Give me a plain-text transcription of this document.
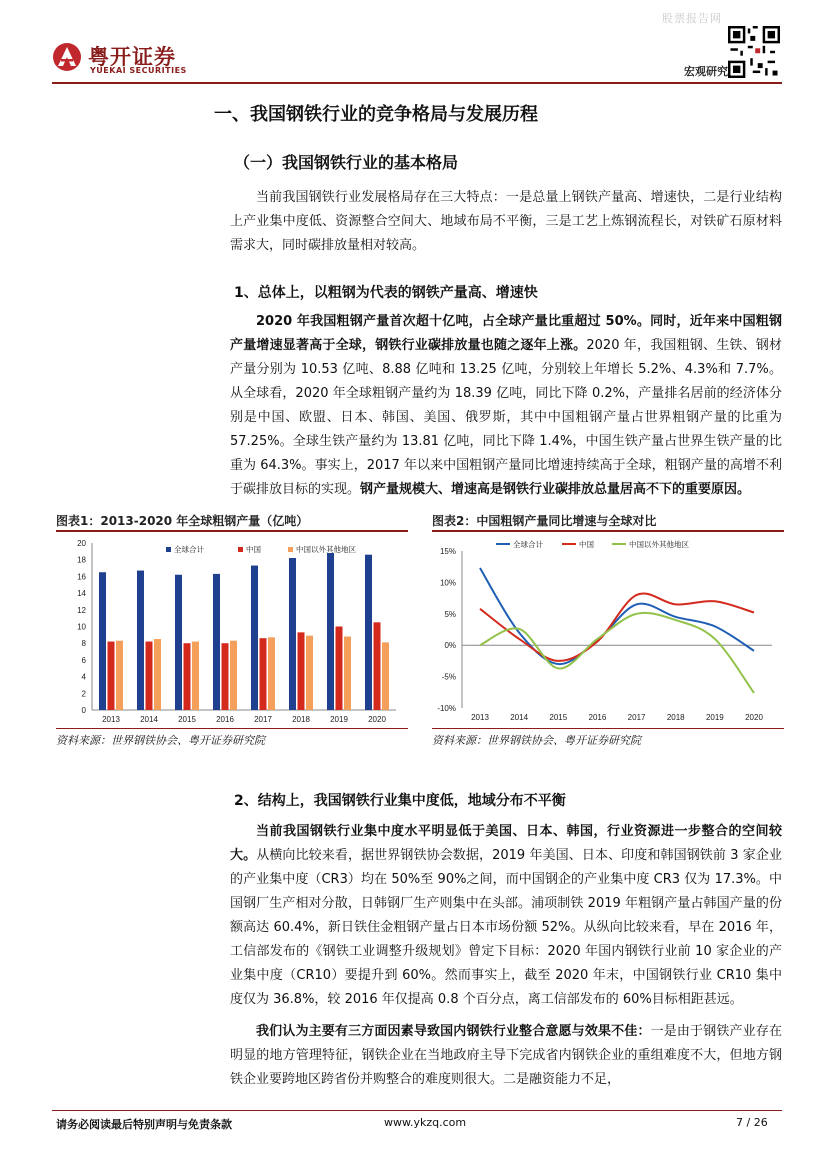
股票报告网
粤开证券
YUEKAI SECURITIES	宏观研究
一、我国钢铁行业的竞争格局与发展历程
（一）我国钢铁行业的基本格局
当前我国钢铁行业发展格局存在三大特点：一是总量上钢铁产量高、增速快，二是行业结构上产业集中度低、资源整合空间大、地域布局不平衡，三是工艺上炼钢流程长，对铁矿石原材料需求大，同时碳排放量相对较高。
1、总体上，以粗钢为代表的钢铁产量高、增速快
2020 年我国粗钢产量首次超十亿吨，占全球产量比重超过 50%。同时，近年来中国粗钢产量增速显著高于全球，钢铁行业碳排放量也随之逐年上涨。2020 年，我国粗钢、生铁、钢材产量分别为 10.53 亿吨、8.88 亿吨和 13.25 亿吨，分别较上年增长 5.2%、4.3%和 7.7%。从全球看，2020 年全球粗钢产量约为 18.39 亿吨，同比下降 0.2%，产量排名居前的经济体分别是中国、欧盟、日本、韩国、美国、俄罗斯，其中中国粗钢产量占世界粗钢产量的比重为 57.25%。全球生铁产量约为 13.81 亿吨，同比下降 1.4%，中国生铁产量占世界生铁产量的比重为 64.3%。事实上，2017 年以来中国粗钢产量同比增速持续高于全球，粗钢产量的高增不利于碳排放目标的实现。钢产量规模大、增速高是钢铁行业碳排放总量居高不下的重要原因。
图表1：2013-2020 年全球粗钢产量（亿吨）
0
2
4
6
8
10
12
14
16
18
20
2013	2014	2015	2016	2017	2018	2019	2020
全球合计	中国	中国以外其他地区
资料来源：世界钢铁协会、粤开证券研究院
图表2：中国粗钢产量同比增速与全球对比
15%
10%
5%
0%
-5%
-10%
2013	2014	2015	2016	2017	2018	2019	2020
全球合计	中国	中国以外其他地区
资料来源：世界钢铁协会、粤开证券研究院
2、结构上，我国钢铁行业集中度低，地域分布不平衡
当前我国钢铁行业集中度水平明显低于美国、日本、韩国，行业资源进一步整合的空间较大。从横向比较来看，据世界钢铁协会数据，2019 年美国、日本、印度和韩国钢铁前 3 家企业的产业集中度（CR3）均在 50%至 90%之间，而中国钢企的产业集中度 CR3 仅为 17.3%。中国钢厂生产相对分散，日韩钢厂生产则集中在头部。浦项制铁 2019 年粗钢产量占韩国产量的份额高达 60.4%，新日铁住金粗钢产量占日本市场份额 52%。从纵向比较来看，早在 2016 年，工信部发布的《钢铁工业调整升级规划》曾定下目标：2020 年国内钢铁行业前 10 家企业的产业集中度（CR10）要提升到 60%。然而事实上，截至 2020 年末，中国钢铁行业 CR10 集中度仅为 36.8%，较 2016 年仅提高 0.8 个百分点，离工信部发布的 60%目标相距甚远。
我们认为主要有三方面因素导致国内钢铁行业整合意愿与效果不佳：一是由于钢铁产业存在明显的地方管理特征，钢铁企业在当地政府主导下完成省内钢铁企业的重组难度不大，但地方钢铁企业要跨地区跨省份并购整合的难度则很大。二是融资能力不足，
请务必阅读最后特别声明与免责条款	www.ykzq.com	7 / 26
